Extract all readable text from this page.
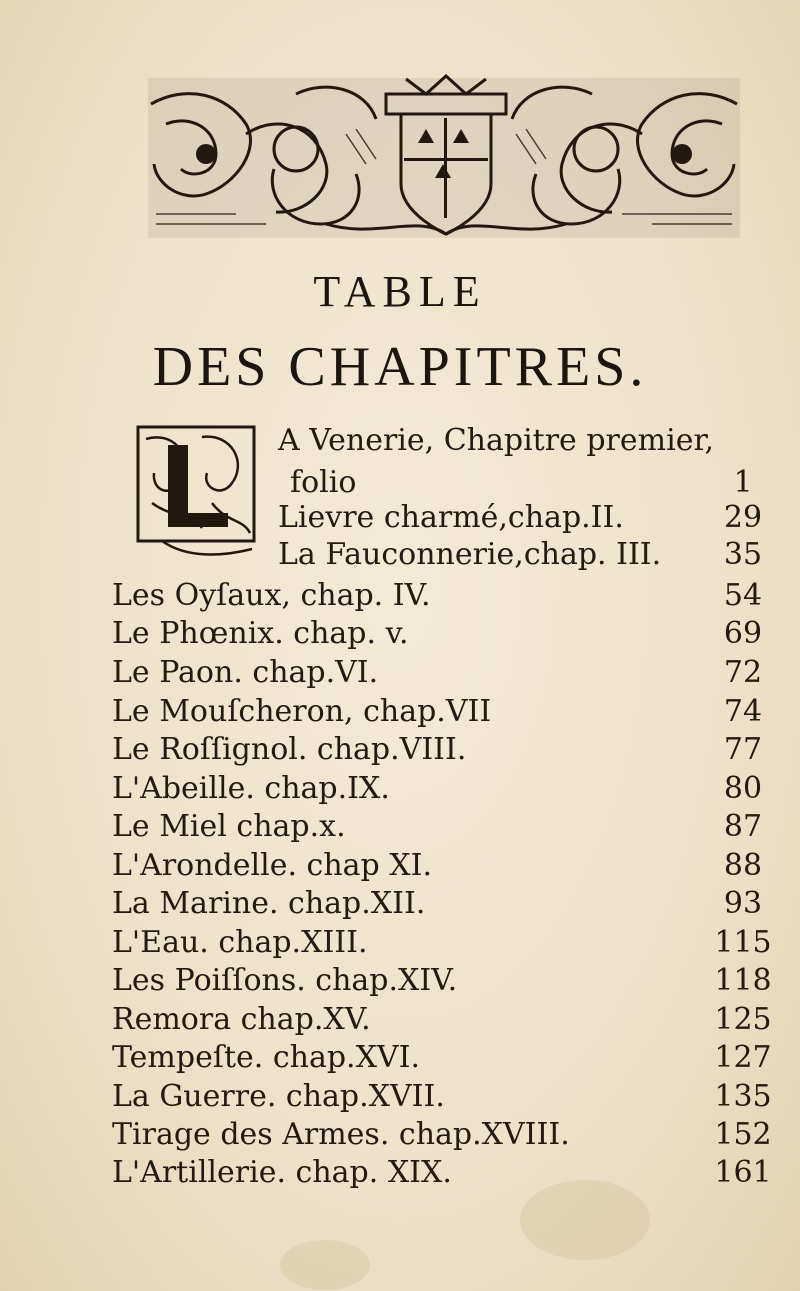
TABLE
DES CHAPITRES.
A Venerie, Chapitre premier,
folio	1
Lievre charmé,chap.II.	29
La Fauconnerie,chap. III.	35
Les Oyſaux, chap. IV.	54
Le Phœnix. chap. v.	69
Le Paon. chap.VI.	72
Le Mouſcheron, chap.VII	74
Le Roſſignol. chap.VIII.	77
L'Abeille. chap.IX.	80
Le Miel chap.x.	87
L'Arondelle. chap XI.	88
La Marine. chap.XII.	93
L'Eau. chap.XIII.	115
Les Poiſſons. chap.XIV.	118
Remora chap.XV.	125
Tempeſte. chap.XVI.	127
La Guerre. chap.XVII.	135
Tirage des Armes. chap.XVIII.	152
L'Artillerie. chap. XIX.	161
